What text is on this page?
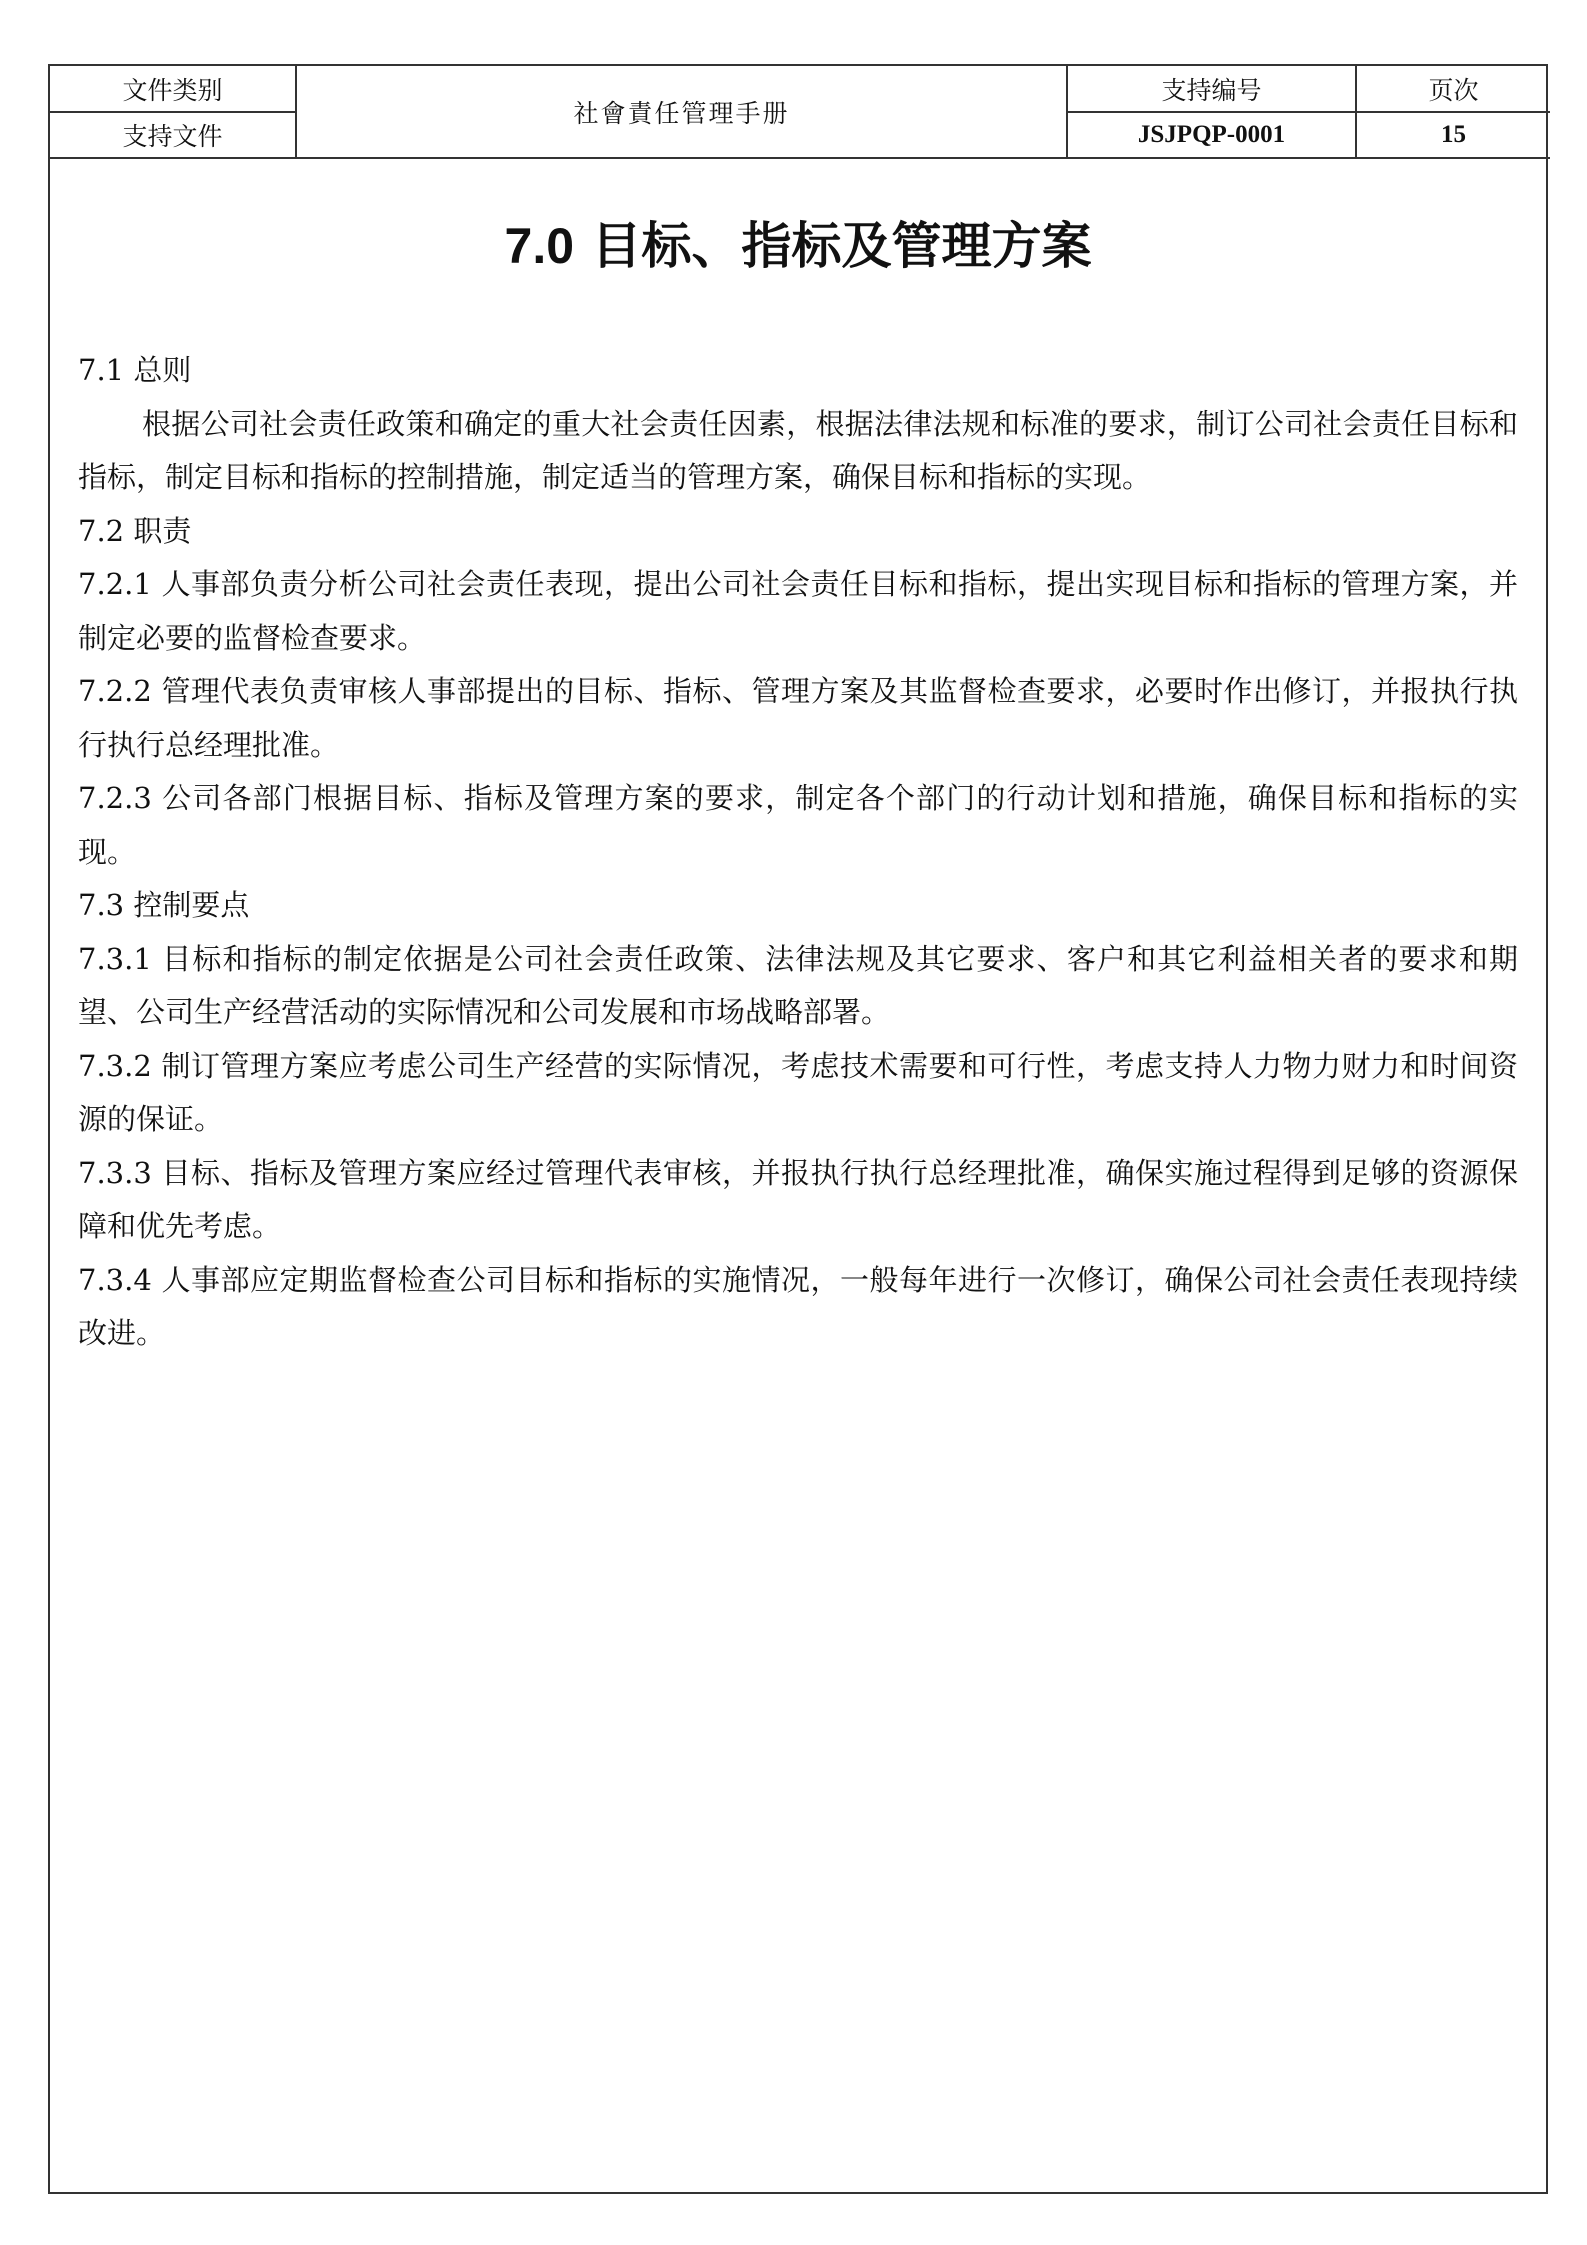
文件类别	社會責任管理手册	支持编号	页次
支持文件		JSJPQP-0001	15
7.0 目标、指标及管理方案

7.1 总则

根据公司社会责任政策和确定的重大社会责任因素，根据法律法规和标准的要求，制订公司社会责任目标和指标，制定目标和指标的控制措施，制定适当的管理方案，确保目标和指标的实现。

7.2 职责

7.2.1 人事部负责分析公司社会责任表现，提出公司社会责任目标和指标，提出实现目标和指标的管理方案，并制定必要的监督检查要求。

7.2.2 管理代表负责审核人事部提出的目标、指标、管理方案及其监督检查要求，必要时作出修订，并报执行执行执行总经理批准。

7.2.3 公司各部门根据目标、指标及管理方案的要求，制定各个部门的行动计划和措施，确保目标和指标的实现。

7.3 控制要点

7.3.1 目标和指标的制定依据是公司社会责任政策、法律法规及其它要求、客户和其它利益相关者的要求和期望、公司生产经营活动的实际情况和公司发展和市场战略部署。

7.3.2 制订管理方案应考虑公司生产经营的实际情况，考虑技术需要和可行性，考虑支持人力物力财力和时间资源的保证。

7.3.3 目标、指标及管理方案应经过管理代表审核，并报执行执行总经理批准，确保实施过程得到足够的资源保障和优先考虑。

7.3.4 人事部应定期监督检查公司目标和指标的实施情况，一般每年进行一次修订，确保公司社会责任表现持续改进。
